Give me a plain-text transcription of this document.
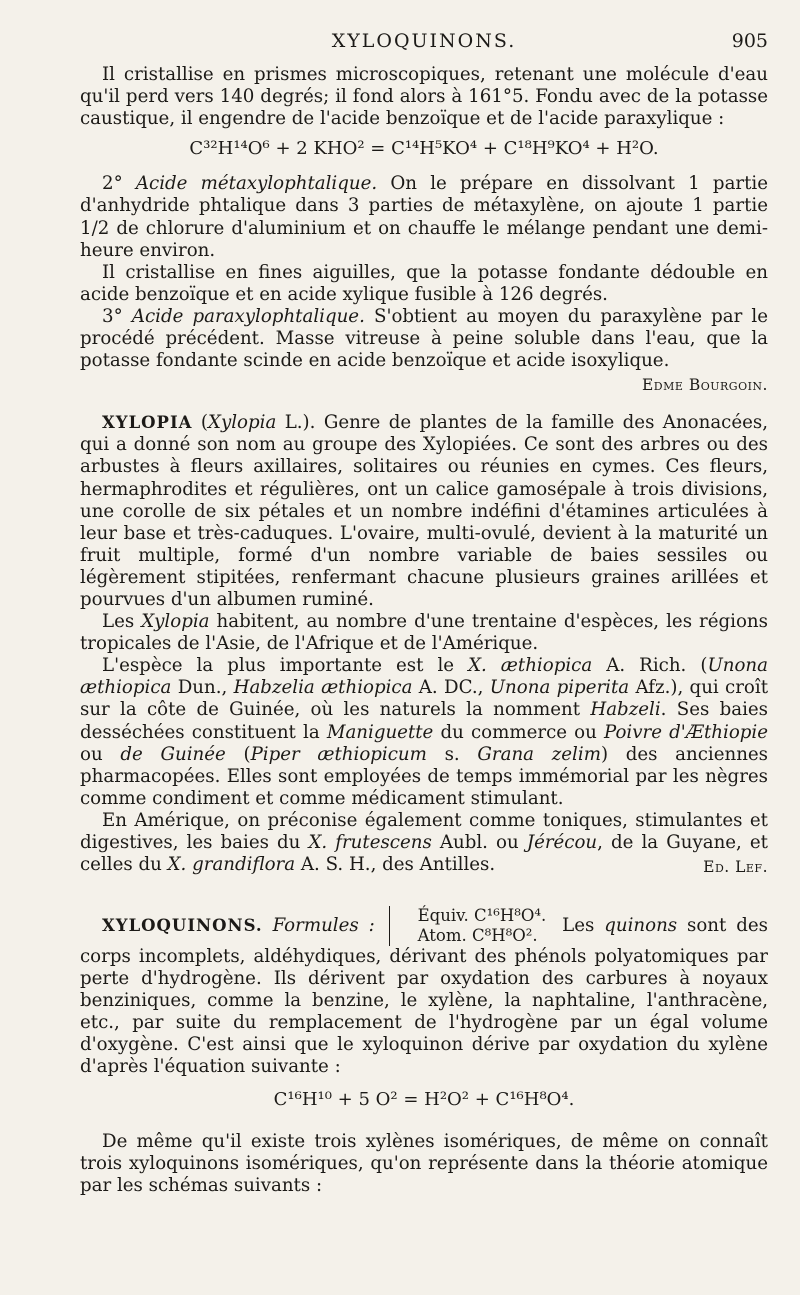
XYLOQUINONS.	905

Il cristallise en prismes microscopiques, retenant une molécule d'eau qu'il perd vers 140 degrés; il fond alors à 161°5. Fondu avec de la potasse caustique, il engendre de l'acide benzoïque et de l'acide paraxylique :

C³²H¹⁴O⁶ + 2 KHO² = C¹⁴H⁵KO⁴ + C¹⁸H⁹KO⁴ + H²O.

2° Acide métaxylophtalique. On le prépare en dissolvant 1 partie d'anhydride phtalique dans 3 parties de métaxylène, on ajoute 1 partie 1/2 de chlorure d'aluminium et on chauffe le mélange pendant une demi-heure environ.

Il cristallise en fines aiguilles, que la potasse fondante dédouble en acide benzoïque et en acide xylique fusible à 126 degrés.

3° Acide paraxylophtalique. S'obtient au moyen du paraxylène par le procédé précédent. Masse vitreuse à peine soluble dans l'eau, que la potasse fondante scinde en acide benzoïque et acide isoxylique.
Edme Bourgoin.

XYLOPIA (Xylopia L.). Genre de plantes de la famille des Anonacées, qui a donné son nom au groupe des Xylopiées. Ce sont des arbres ou des arbustes à fleurs axillaires, solitaires ou réunies en cymes. Ces fleurs, hermaphrodites et régulières, ont un calice gamosépale à trois divisions, une corolle de six pétales et un nombre indéfini d'étamines articulées à leur base et très-caduques. L'ovaire, multi-ovulé, devient à la maturité un fruit multiple, formé d'un nombre variable de baies sessiles ou légèrement stipitées, renfermant chacune plusieurs graines arillées et pourvues d'un albumen ruminé.

Les Xylopia habitent, au nombre d'une trentaine d'espèces, les régions tropicales de l'Asie, de l'Afrique et de l'Amérique.

L'espèce la plus importante est le X. æthiopica A. Rich. (Unona æthiopica Dun., Habzelia æthiopica A. DC., Unona piperita Afz.), qui croît sur la côte de Guinée, où les naturels la nomment Habzeli. Ses baies desséchées constituent la Maniguette du commerce ou Poivre d'Æthiopie ou de Guinée (Piper æthiopicum s. Grana zelim) des anciennes pharmacopées. Elles sont employées de temps immémorial par les nègres comme condiment et comme médicament stimulant.

En Amérique, on préconise également comme toniques, stimulantes et digestives, les baies du X. frutescens Aubl. ou Jérécou, de la Guyane, et celles du X. grandiflora A. S. H., des Antilles.	Ed. Lef.

XYLOQUINONS. Formules :	Équiv. C¹⁶H⁸O⁴.
Atom. C⁸H⁸O². Les quinons sont des corps incomplets, aldéhydiques, dérivant des phénols polyatomiques par perte d'hydrogène. Ils dérivent par oxydation des carbures à noyaux benziniques, comme la benzine, le xylène, la naphtaline, l'anthracène, etc., par suite du remplacement de l'hydrogène par un égal volume d'oxygène. C'est ainsi que le xyloquinon dérive par oxydation du xylène d'après l'équation suivante :

C¹⁶H¹⁰ + 5 O² = H²O² + C¹⁶H⁸O⁴.

De même qu'il existe trois xylènes isomériques, de même on connaît trois xyloquinons isomériques, qu'on représente dans la théorie atomique par les schémas suivants :
